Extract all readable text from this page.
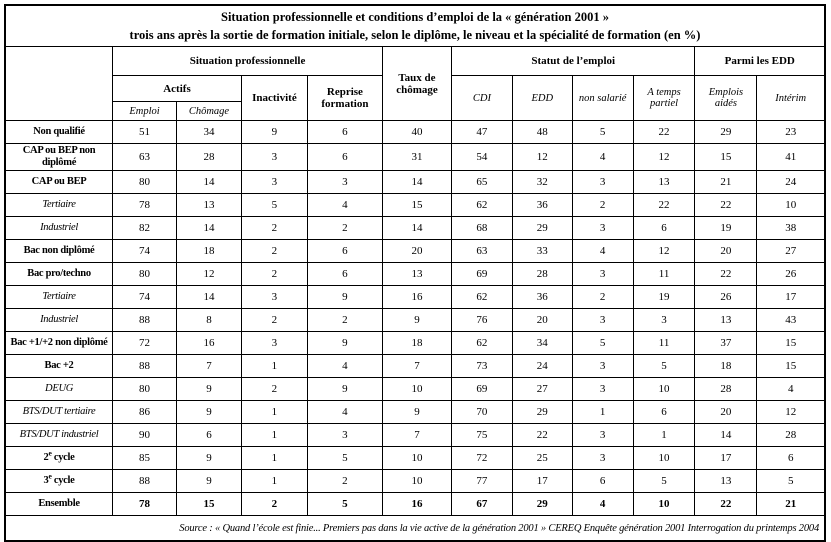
Situation professionnelle et conditions d’emploi de la « génération 2001 »
trois ans après la sortie de formation initiale, selon le diplôme, le niveau et la spécialité de formation (en %)											

	Situation professionnelle				Taux de chômage	Statut de l’emploi				Parmi les EDD	
	Actifs		Inactivité	Reprise formation		CDI	EDD	non salarié	A temps partiel	Emplois aidés	Intérim
	Emploi	Chômage									
Non qualifié	51	34	9	6	40	47	48	5	22	29	23
CAP ou BEP non diplômé	63	28	3	6	31	54	12	4	12	15	41
CAP ou BEP	80	14	3	3	14	65	32	3	13	21	24
Tertiaire	78	13	5	4	15	62	36	2	22	22	10
Industriel	82	14	2	2	14	68	29	3	6	19	38
Bac non diplômé	74	18	2	6	20	63	33	4	12	20	27
Bac pro/techno	80	12	2	6	13	69	28	3	11	22	26
Tertiaire	74	14	3	9	16	62	36	2	19	26	17
Industriel	88	8	2	2	9	76	20	3	3	13	43
Bac +1/+2 non diplômé	72	16	3	9	18	62	34	5	11	37	15
Bac +2	88	7	1	4	7	73	24	3	5	18	15
DEUG	80	9	2	9	10	69	27	3	10	28	4
BTS/DUT tertiaire	86	9	1	4	9	70	29	1	6	20	12
BTS/DUT industriel	90	6	1	3	7	75	22	3	1	14	28
2e cycle	85	9	1	5	10	72	25	3	10	17	6
3e cycle	88	9	1	2	10	77	17	6	5	13	5
Ensemble	78	15	2	5	16	67	29	4	10	22	21
Source : « Quand l’école est finie... Premiers pas dans la vie active de la génération 2001 » CEREQ Enquête génération 2001 Interrogation du printemps 2004											
